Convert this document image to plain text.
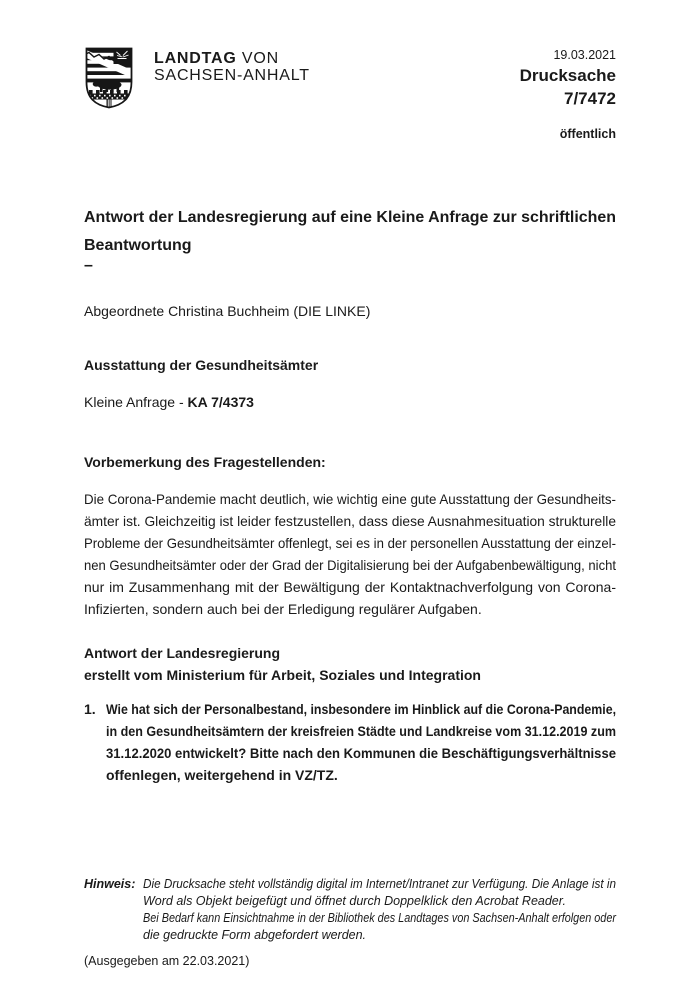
LANDTAG VON
SACHSEN-ANHALT
19.03.2021
Drucksache
7/7472
öffentlich
Antwort der Landesregierung auf eine Kleine Anfrage zur schriftlichen
Beantwortung
–
Abgeordnete Christina Buchheim (DIE LINKE)
Ausstattung der Gesundheitsämter
Kleine Anfrage - KA 7/4373
Vorbemerkung des Fragestellenden:
Die Corona-Pandemie macht deutlich, wie wichtig eine gute Ausstattung der Gesundheits-
ämter ist. Gleichzeitig ist leider festzustellen, dass diese Ausnahmesituation strukturelle
Probleme der Gesundheitsämter offenlegt, sei es in der personellen Ausstattung der einzel-
nen Gesundheitsämter oder der Grad der Digitalisierung bei der Aufgabenbewältigung, nicht
nur im Zusammenhang mit der Bewältigung der Kontaktnachverfolgung von Corona-
Infizierten, sondern auch bei der Erledigung regulärer Aufgaben.
Antwort der Landesregierung
erstellt vom Ministerium für Arbeit, Soziales und Integration
1. Wie hat sich der Personalbestand, insbesondere im Hinblick auf die Corona-Pandemie,
in den Gesundheitsämtern der kreisfreien Städte und Landkreise vom 31.12.2019 zum
31.12.2020 entwickelt? Bitte nach den Kommunen die Beschäftigungsverhältnisse
offenlegen, weitergehend in VZ/TZ.
Hinweis: Die Drucksache steht vollständig digital im Internet/Intranet zur Verfügung. Die Anlage ist in
Word als Objekt beigefügt und öffnet durch Doppelklick den Acrobat Reader.
Bei Bedarf kann Einsichtnahme in der Bibliothek des Landtages von Sachsen-Anhalt erfolgen oder
die gedruckte Form abgefordert werden.
(Ausgegeben am 22.03.2021)
